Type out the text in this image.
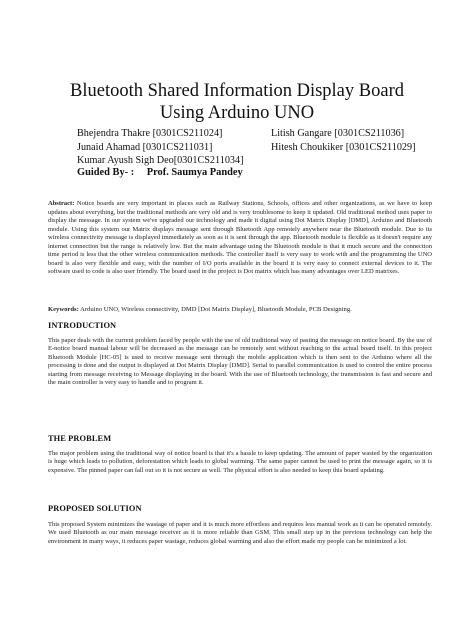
Bluetooth Shared Information Display Board
Using Arduino UNO
Bhejendra Thakre [0301CS211024]	Litish Gangare [0301CS211036]
Junaid Ahamad [0301CS211031]	Hitesh Choukiker [0301CS211029]
Kumar Ayush Sigh Deo[0301CS211034]
Guided By- : Prof. Saumya Pandey
Abstract: Notice boards are very important in places such as Railway Stations, Schools, offices and other organizations, as we have to keep updates about everything, but the traditional methods are very old and is very troublesome to keep it updated. Old traditional method uses paper to display the message. In our system we've upgraded our technology and made it digital using Dot Matrix Display [DMD], Arduino and Bluetooth module. Using this system our Matrix displays message sent through Bluetooth App remotely anywhere near the Bluetooth module. Due to its wireless connectivity message is displayed immediately as soon as it is sent through the app. Bluetooth module is flexible as it doesn't require any internet connection but the range is relatively low. But the main advantage using the Bluetooth module is that it much secure and the connection time period is less that the other wireless communication methods. The controller itself is very easy to work with and the programming the UNO board is also very flexible and easy, with the number of I/O ports available in the board it is very easy to connect external devices to it. The software used to code is also user friendly. The board used in the project is Dot matrix which has many advantages over LED matrixes.
Keywords: Arduino UNO, Wireless connectivity, DMD [Dot Matrix Display], Bluetooth Module, PCB Designing.
INTRODUCTION
This paper deals with the current problem faced by people with the use of old traditional way of pasting the message on notice board. By the use of E-notice board manual labour will be decreased as the message can be remotely sent without reaching to the actual board itself. In this project Bluetooth Module [HC-05] is used to receive message sent through the mobile application which is then sent to the Arduino where all the processing is done and the output is displayed at Dot Matrix Display [DMD]. Serial to parallel communication is used to control the entire process starting from message receiving to Message displaying in the board. With the use of Bluetooth technology, the transmission is fast and secure and the main controller is very easy to handle and to program it.
THE PROBLEM
The major problem using the traditional way of notice board is that it's a hassle to keep updating. The amount of paper wasted by the organization is huge which leads to pollution, deforestation which leads to global warming. The same paper cannot be used to print the message again, so it is expensive. The pinned paper can fall out so it is not secure as well. The physical effort is also needed to keep this board updating.
PROPOSED SOLUTION
This proposed System minimizes the wastage of paper and it is much more effortless and requires less manual work as it can be operated remotely. We used Bluetooth as our main message receiver as it is more reliable than GSM. This small step up in the previous technology can help the environment in many ways, it reduces paper wastage, reduces global warming and also the effort made my people can be minimized a lot.
